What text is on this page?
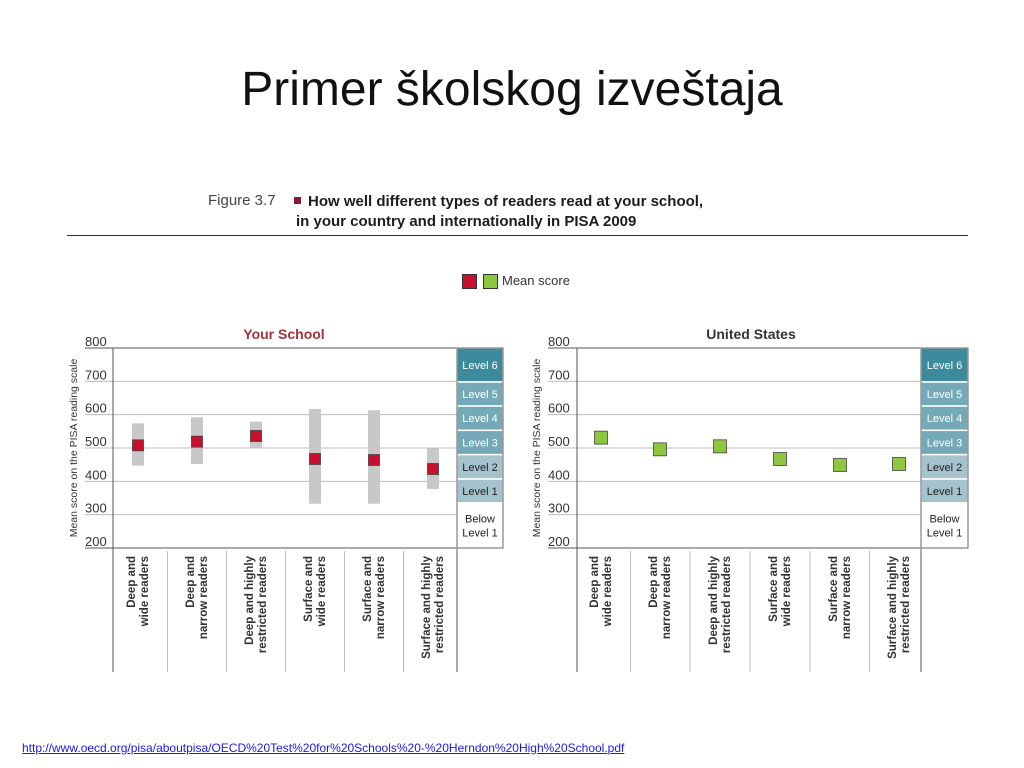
Primer školskog izveštaja
Figure 3.7	How well different types of readers read at your school,
in your country and internationally in PISA 2009
Mean score
Your School
800
700
600
500
400
300
200
Mean score on the PISA reading scale	Level 6
Level 5
Level 4
Level 3
Level 2
Level 1
Below
Level 1
Deep and wide readers	Deep and narrow readers	Deep and highly restricted readers	Surface and wide readers	Surface and narrow readers	Surface and highly restricted readers
United States
800
700
600
500
400
300
200
Mean score on the PISA reading scale	Level 6
Level 5
Level 4
Level 3
Level 2
Level 1
Below
Level 1
Deep and wide readers	Deep and narrow readers	Deep and highly restricted readers	Surface and wide readers	Surface and narrow readers	Surface and highly restricted readers
http://www.oecd.org/pisa/aboutpisa/OECD%20Test%20for%20Schools%20-%20Herndon%20High%20School.pdf
